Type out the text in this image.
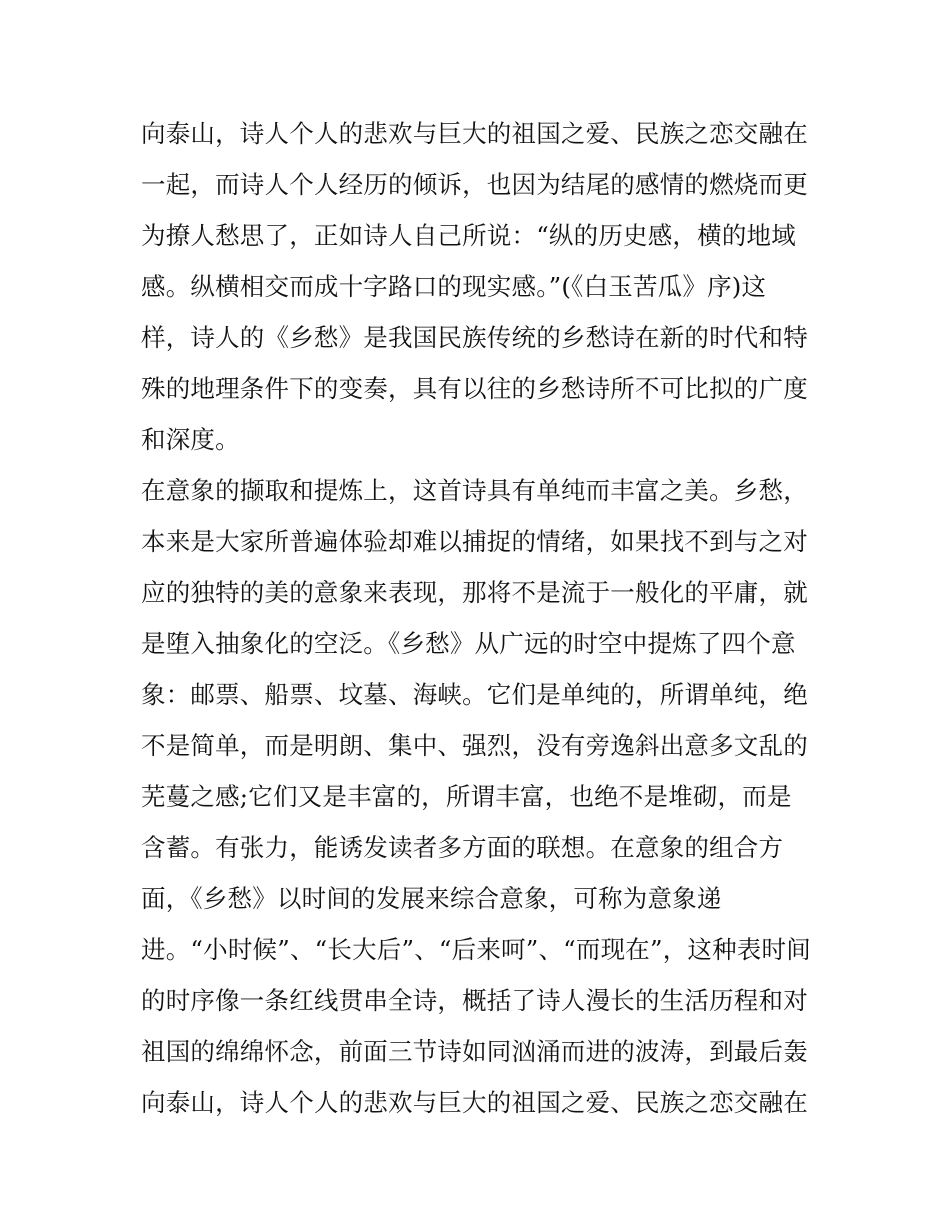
向泰山，诗人个人的悲欢与巨大的祖国之爱、民族之恋交融在
一起，而诗人个人经历的倾诉，也因为结尾的感情的燃烧而更
为撩人愁思了，正如诗人自己所说：“纵的历史感，横的地域
感。纵横相交而成十字路口的现实感。”(《白玉苦瓜》序)这
样，诗人的《乡愁》是我国民族传统的乡愁诗在新的时代和特
殊的地理条件下的变奏，具有以往的乡愁诗所不可比拟的广度
和深度。
在意象的撷取和提炼上，这首诗具有单纯而丰富之美。乡愁，
本来是大家所普遍体验却难以捕捉的情绪，如果找不到与之对
应的独特的美的意象来表现，那将不是流于一般化的平庸，就
是堕入抽象化的空泛。《乡愁》从广远的时空中提炼了四个意
象：邮票、船票、坟墓、海峡。它们是单纯的，所谓单纯，绝
不是简单，而是明朗、集中、强烈，没有旁逸斜出意多文乱的
芜蔓之感;它们又是丰富的，所谓丰富，也绝不是堆砌，而是
含蓄。有张力，能诱发读者多方面的联想。在意象的组合方
面，《乡愁》以时间的发展来综合意象，可称为意象递
进。“小时候”、“长大后”、“后来呵”、“而现在”，这种表时间
的时序像一条红线贯串全诗，概括了诗人漫长的生活历程和对
祖国的绵绵怀念，前面三节诗如同汹涌而进的波涛，到最后轰
向泰山，诗人个人的悲欢与巨大的祖国之爱、民族之恋交融在
